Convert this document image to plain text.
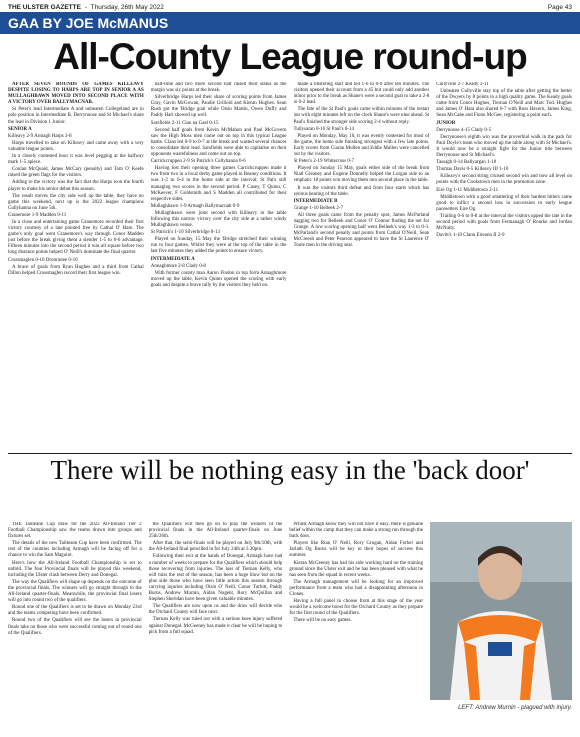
THE ULSTER GAZETTE - Thursday, 26th May 2022	Page 43
GAA BY JOE McMANUS
All-County League round-up

AFTER SEVEN ROUNDS OF GAMES KILLEAVY DESPITE LOSING TO HARPS ARE TOP IN SENIOR A AS MULLAGHBAWN MOVED INTO SECOND PLACE WITH A VICTORY OVER BALLYMACNAB.

St Peter's lead Intermediate A and unbeaten Collegeland are in pole position in Intermediate B. Derrynoose and St Michael's share the lead in Division 1 Junior.

SENIOR A

Killeavy 2-9 Armagh Harps 3-8

Harps travelled to take on Killeavy and came away with a very valuable league points.

In a closely contested hour it was level pegging at the halfway mark 1-5 apiece.

Conlan McQuaid, James McCary (penalty) and Tom O' Keefe raised the green flags for the visitors.

Adding to the victory was the fact that the Harps won the fourth player to make his senior debut this season.

The result moves the city side well up the table, they have no game this weekend, next up is the 2022 league champions Cullyhanna on June 5th.

Granemore 1-9 Madden 0-11

In a close and entertaining game Granemore recorded their first victory courtesy of a late pointed free by Cathal O' Hare. The game's only goal went Granemore's way through Conor Madden just before the break giving them a slender 1-5 to 0-6 advantage. Fifteen minutes into the second period it was all square before two long distance points helped O' Neill's dominate the final quarter.

Crossmaglen 0-10 Dromintee 0-10

A brace of goals from Ryan Hughes and a third from Cathal Dillon helped Crossmaglen record their first league win.

half-time and two more second half raised their status as the margin was six points at the break.

Silverbridge Harps led their share of scoring points from James Gray, Gavin McGowan, Paudie Grilloid and Kieran Hughes. Sean Rush got the 'Bridge goal while Oisin Martin, Owen Duffy and Paddy Hart showed up well.

Sarsfields 2-11 Clan na Gael 0-15

Second half goals from Kevin McMahon and Paul McGovern saw the High Moss men come out on top in this typical League battle. Clans led 0-9 to 0-7 at the break and wasted several chances to consolidate their lead. Sarsfields were able to capitalise on their opponents wastefulness and come out on top.

Carrickcruppen 2-9 St Patrick's Cullyhanna 0-6

Having lost their opening three games Carrickcruppen made it two from two in a local derby game played in Beaney conditions. It was 1-2 to 0-4 in the home side at the interval, St Pat's still managing two scores in the second period. P Casey, T Quinn, C McKeever, F Goldsmith and S Madden all contributed for their respective sides.

Mullaghbawn 1-9 Armagh Ballymacnab 0-9

Mullaghbawn were joint second with Killeavy in the table following this narrow victory over the city side at a rather windy Mullaghbawn venue.

St Patrick's 1-10 Silverbridge 0-13

Played on Sunday, 15 May the 'Bridge stretched their winning run to four games. Whilst they were at the top of the table in the last five minutes they added the points to ensure victory.

INTERMEDIATE A

Annaghmore 2-8 Clady 0-8

With former county man Aaron Findon in top form Annaghmore moved up the table, Kevin Quinn opened the scoring with early goals and despite a brave rally by the visitors they held on.

made a blistering start and led 1-6 to 0-0 after ten minutes. The visitors opened their account from a 45 but could only add another minor prior to the break as Shane's were a second goal to take a 2-8 to 0-2 lead.

The fate of the St Paul's goals came within minutes of the restart but with eight minutes left on the clock Shane's were nine ahead. St Paul's finished the stronger side scoring 2-4 without reply.

Tullysaran 0-16 St Paul's 0-14

Played on Monday, May 16, it was evenly contested for most of the game, the home side finishing strongest with a few late points. Early scores from Ciaran Mullen and Eddie Mullen were cancelled out by the visitors.

St Peter's 2-19 Whitecross 0-7

Played on Sunday 15 May, goals either side of the break from Niall Greaney and Eugene Donnelly helped the Lurgan side to an emphatic 18 points win moving them into second place in the table.

It was the visitors third defeat and from four starts which has serious bearing of the table.

INTERMEDIATE B

Grange 1-10 Belleek 2-7

All three goals came from the penalty spot, James McParland bagging two for Belleek and Conor O' Connor finding the net for Grange. A low scoring opening half went Belleek's way 1-3 to 0-3. McParland's second penalty and points from Cathal O'Neill, Sean McCreesh and Peter Pearson appeared to have the St Laurence O' Toole men in the driving seat.

Cullyville 2-7 Keady 3-11

Unbeaten Cullyville stay top of the table after getting the better of the Dwyers by 8 points in a high quality game. The Keady goals came from Conor Hughes, Tiernan O'Neill and Marc Tod. Hughes and James O' Hara also shared 0-7 with Ross Havern, James King, Sean McCabe and Fionn McGee, registering a point each.

JUNIOR

Derrynoose 4-15 Clady 0-5

Derrynoose's eighth win was the proverbial walk in the park for Paul Doyle's team who moved up the table along with St Michael's. It would now be a straight fight for the Junior title between Derrynoose and St Michael's.

Tassagh 0-14 Ballyargan 1-10

Thomas Davis 0-5 Killeavy III 1-10

Killeavy's second string cruised second win and now all level on points with the Cookstown men in the promotion zone.

Eire Og 1-11 Middletown 2-11

Middletown with a good smattering of their hardest hitters came good to inflict a second loss in succession to early league pacesetters Eire Og.

Trailing 0-6 to 0-8 at the interval the visitors upped the rate in the second period with goals from Fermanagh O' Rourke and Jordan McNulty.

Davitt's 1-10 Clann Eireann II 2-9

There will be nothing easy in the 'back door'

THE Tailteann Cup draw for the 2022 All-Ireland Tier 2 Football Championship saw the teams drawn into groups and fixtures set.

The details of the new Tailteann Cup have been confirmed. The rest of the counties including Armagh will be facing off for a chance to win the Sam Maguire.

Here's how the All-Ireland Football Championship is set to unfold. The four Provincial finals will be played this weekend, including the Ulster clash between Derry and Donegal.

The way the Qualifiers will shape up depends on the outcome of the provincial finals. The winners will go straight through to the All-Ireland quarter-finals. Meanwhile, the provincial final losers will go into round two of the qualifiers.

Round one of the Qualifiers is set to be drawn on Monday 23rd and the teams competing have been confirmed.

Round two of the Qualifiers will see the losers in provincial finals take on those who were successful coming out of round one of the Qualifiers.

the Qualifiers will then go on to play the winners of the provincial finals in the All-Ireland quarter-finals on June 25th/26th.

After that, the semi-finals will be played on July 9th/10th, with the All-Ireland final pencilled in for July 24th at 3.30pm.

Following their exit at the hands of Donegal, Armagh have had a number of weeks to prepare for the Qualifiers which should help those recovering from injuries. The loss of Tiernan Kelly, who will miss the rest of the season, has been a huge blow but on the plus side those who have seen little action this season through carrying injuries including Oisin O' Neill, Conor Turbitt, Paddy Burns, Andrew Murnin, Aidan Nugent, Rory McQuillan and Stephen Sheridan have been given valuable minutes.

The Qualifiers are now upon us and the draw will decide who the Orchard County will face next.

Tiernan Kelly was ruled out with a serious knee injury suffered against Donegal. McGeeney has made it clear he will be hoping to pick from a full squad.

Whilst Armagh know they will not have it easy, there is genuine belief within the camp that they can make a strong run through the back door.

Players like Rian O' Neill, Rory Grugan, Aidan Forker and Jarlath Og Burns will be key to their hopes of success this summer.

Kieran McGeeney has had his side working hard on the training ground since the Ulster exit and he has been pleased with what he has seen from the squad in recent weeks.

The Armagh management will be looking for an improved performance from a team who had a disappointing afternoon in Clones.

Having a full panel to choose from at this stage of the year would be a welcome boost for the Orchard County as they prepare for the first round of the Qualifiers.

There will be no easy games.

LEFT: Andrew Murnin - plagued with injury.
